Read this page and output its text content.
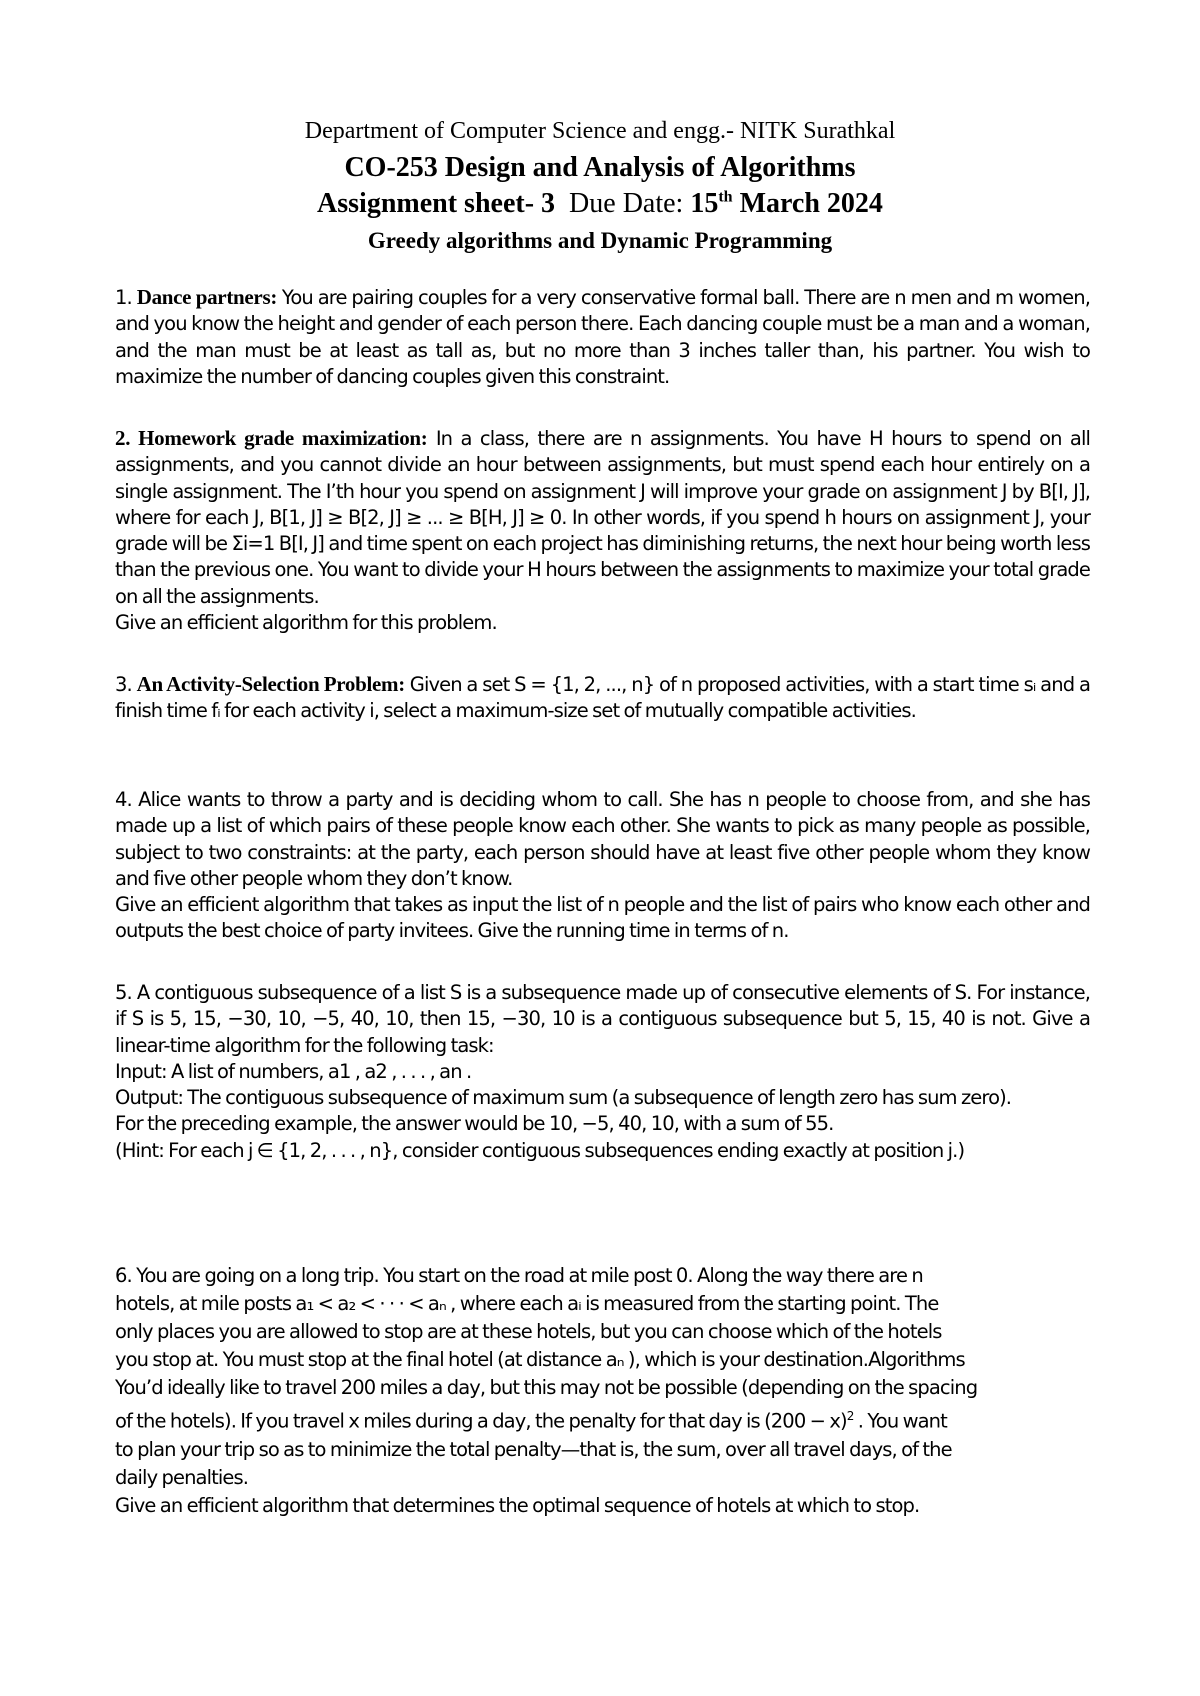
Department of Computer Science and engg.- NITK Surathkal
CO-253 Design and Analysis of Algorithms
Assignment sheet- 3 Due Date: 15th March 2024
Greedy algorithms and Dynamic Programming

1. Dance partners: You are pairing couples for a very conservative formal ball. There are n men and m women, and you know the height and gender of each person there. Each dancing couple must be a man and a woman, and the man must be at least as tall as, but no more than 3 inches taller than, his partner. You wish to maximize the number of dancing couples given this constraint.

2. Homework grade maximization: In a class, there are n assignments. You have H hours to spend on all assignments, and you cannot divide an hour between assignments, but must spend each hour entirely on a single assignment. The I’th hour you spend on assignment J will improve your grade on assignment J by B[I, J], where for each J, B[1, J] ≥ B[2, J] ≥ ... ≥ B[H, J] ≥ 0. In other words, if you spend h hours on assignment J, your grade will be Σi=1 B[I, J] and time spent on each project has diminishing returns, the next hour being worth less than the previous one. You want to divide your H hours between the assignments to maximize your total grade on all the assignments.

Give an efficient algorithm for this problem.

3. An Activity-Selection Problem: Given a set S = {1, 2, ..., n} of n proposed activities, with a start time sᵢ and a finish time fᵢ for each activity i, select a maximum-size set of mutually compatible activities.

4. Alice wants to throw a party and is deciding whom to call. She has n people to choose from, and she has made up a list of which pairs of these people know each other. She wants to pick as many people as possible, subject to two constraints: at the party, each person should have at least five other people whom they know and five other people whom they don’t know.

Give an efficient algorithm that takes as input the list of n people and the list of pairs who know each other and outputs the best choice of party invitees. Give the running time in terms of n.

5. A contiguous subsequence of a list S is a subsequence made up of consecutive elements of S. For instance, if S is 5, 15, −30, 10, −5, 40, 10, then 15, −30, 10 is a contiguous subsequence but 5, 15, 40 is not. Give a linear-time algorithm for the following task:

Input: A list of numbers, a1 , a2 , . . . , an .

Output: The contiguous subsequence of maximum sum (a subsequence of length zero has sum zero).

For the preceding example, the answer would be 10, −5, 40, 10, with a sum of 55.

(Hint: For each j ∈ {1, 2, . . . , n}, consider contiguous subsequences ending exactly at position j.)

6. You are going on a long trip. You start on the road at mile post 0. Along the way there are n

hotels, at mile posts a₁ < a₂ < · · · < aₙ , where each aᵢ is measured from the starting point. The

only places you are allowed to stop are at these hotels, but you can choose which of the hotels

you stop at. You must stop at the final hotel (at distance aₙ ), which is your destination.Algorithms

You’d ideally like to travel 200 miles a day, but this may not be possible (depending on the spacing

of the hotels). If you travel x miles during a day, the penalty for that day is $(200 - x)^2$ . You want

to plan your trip so as to minimize the total penalty—that is, the sum, over all travel days, of the

daily penalties.

Give an efficient algorithm that determines the optimal sequence of hotels at which to stop.
